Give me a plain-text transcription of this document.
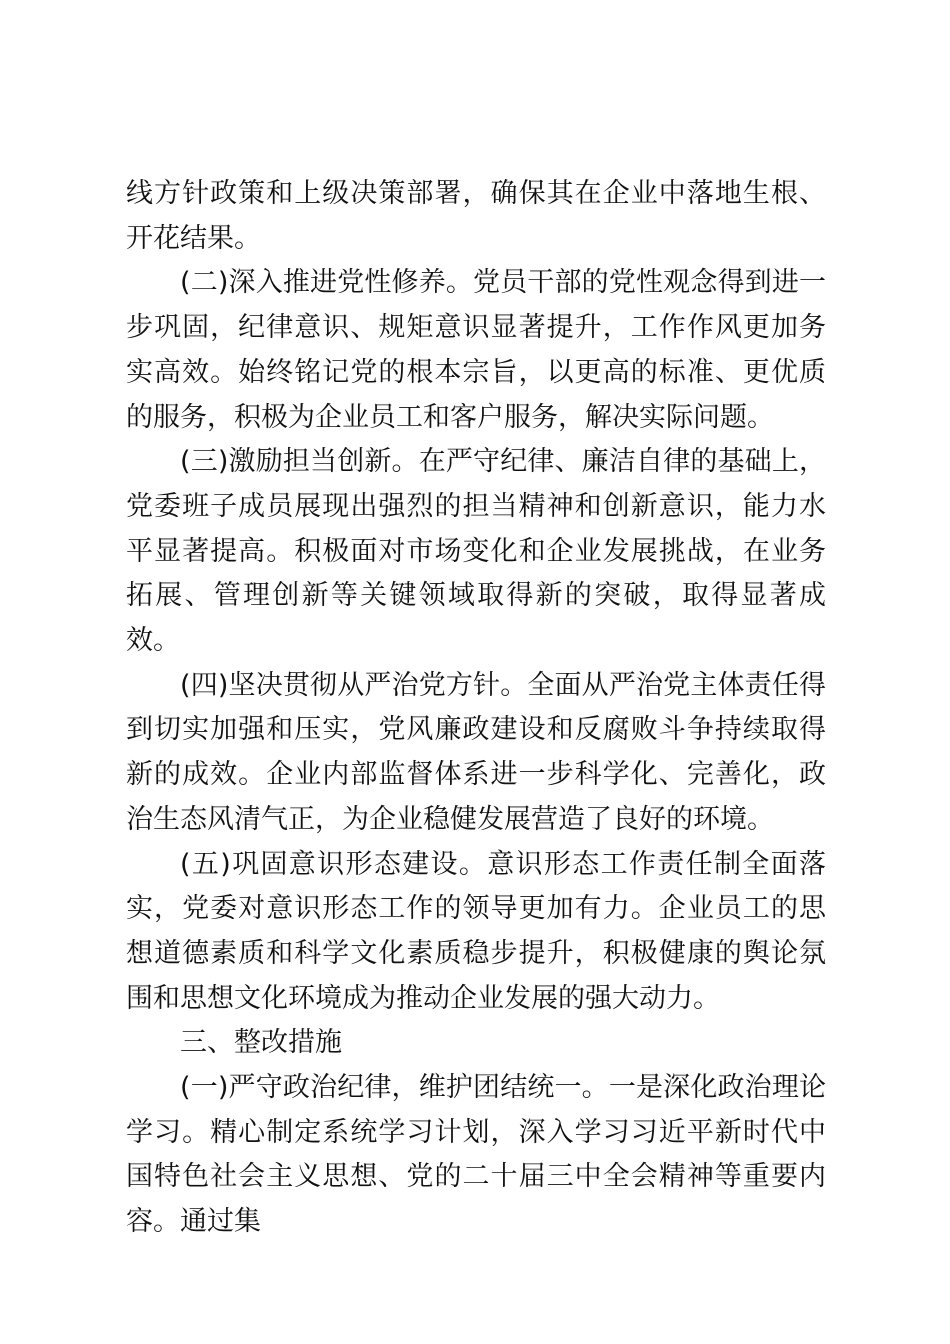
线方针政策和上级决策部署，确保其在企业中落地生根、开花结果。

(二)深入推进党性修养。党员干部的党性观念得到进一步巩固，纪律意识、规矩意识显著提升，工作作风更加务实高效。始终铭记党的根本宗旨，以更高的标准、更优质的服务，积极为企业员工和客户服务，解决实际问题。

(三)激励担当创新。在严守纪律、廉洁自律的基础上，党委班子成员展现出强烈的担当精神和创新意识，能力水平显著提高。积极面对市场变化和企业发展挑战，在业务拓展、管理创新等关键领域取得新的突破，取得显著成效。

(四)坚决贯彻从严治党方针。全面从严治党主体责任得到切实加强和压实，党风廉政建设和反腐败斗争持续取得新的成效。企业内部监督体系进一步科学化、完善化，政治生态风清气正，为企业稳健发展营造了良好的环境。

(五)巩固意识形态建设。意识形态工作责任制全面落实，党委对意识形态工作的领导更加有力。企业员工的思想道德素质和科学文化素质稳步提升，积极健康的舆论氛围和思想文化环境成为推动企业发展的强大动力。

三、整改措施

(一)严守政治纪律，维护团结统一。一是深化政治理论学习。精心制定系统学习计划，深入学习习近平新时代中国特色社会主义思想、党的二十届三中全会精神等重要内容。通过集
